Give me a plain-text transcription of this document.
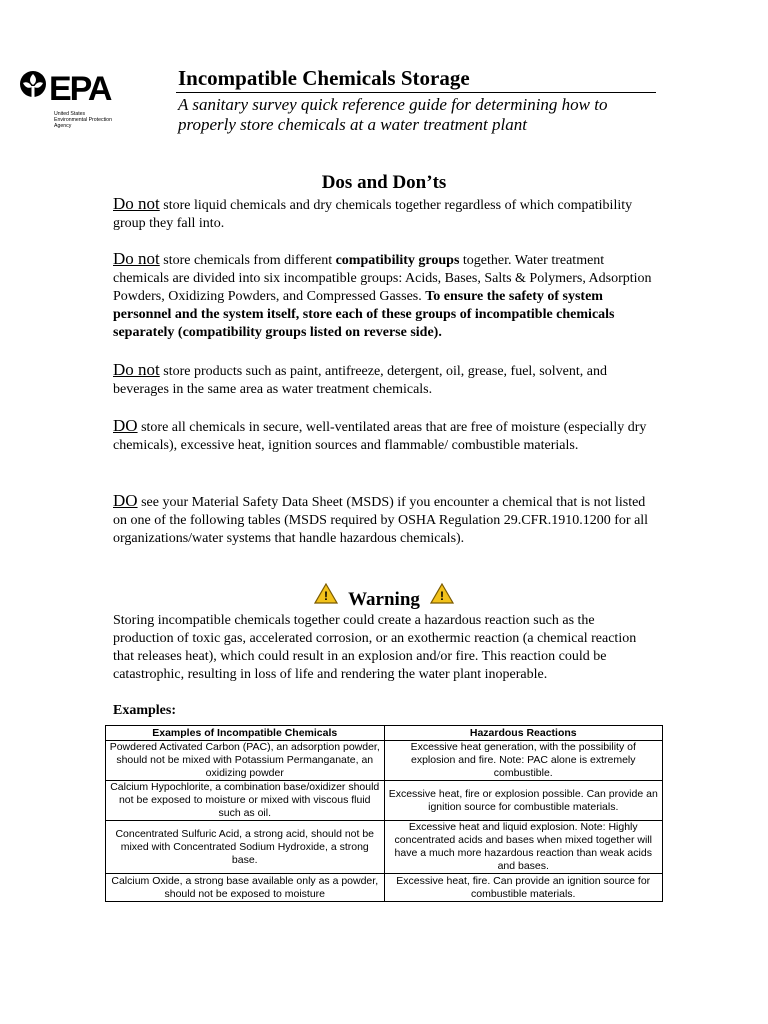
EPA
United States
Environmental Protection
Agency
Incompatible Chemicals Storage
A sanitary survey quick reference guide for determining how to properly store chemicals at a water treatment plant
Dos and Don’ts
Do not store liquid chemicals and dry chemicals together regardless of which compatibility group they fall into.
Do not store chemicals from different compatibility groups together. Water treatment chemicals are divided into six incompatible groups: Acids, Bases, Salts & Polymers, Adsorption Powders, Oxidizing Powders, and Compressed Gasses. To ensure the safety of system personnel and the system itself, store each of these groups of incompatible chemicals separately (compatibility groups listed on reverse side).
Do not store products such as paint, antifreeze, detergent, oil, grease, fuel, solvent, and beverages in the same area as water treatment chemicals.
DO store all chemicals in secure, well-ventilated areas that are free of moisture (especially dry chemicals), excessive heat, ignition sources and flammable/ combustible materials.
DO see your Material Safety Data Sheet (MSDS) if you encounter a chemical that is not listed on one of the following tables (MSDS required by OSHA Regulation 29.CFR.1910.1200 for all organizations/water systems that handle hazardous chemicals).
! Warning !
Storing incompatible chemicals together could create a hazardous reaction such as the production of toxic gas, accelerated corrosion, or an exothermic reaction (a chemical reaction that releases heat), which could result in an explosion and/or fire. This reaction could be catastrophic, resulting in loss of life and rendering the water plant inoperable.
Examples:
Examples of Incompatible Chemicals	Hazardous Reactions
Powdered Activated Carbon (PAC), an adsorption powder, should not be mixed with Potassium Permanganate, an oxidizing powder	Excessive heat generation, with the possibility of explosion and fire. Note: PAC alone is extremely combustible.
Calcium Hypochlorite, a combination base/oxidizer should not be exposed to moisture or mixed with viscous fluid such as oil.	Excessive heat, fire or explosion possible. Can provide an ignition source for combustible materials.
Concentrated Sulfuric Acid, a strong acid, should not be mixed with Concentrated Sodium Hydroxide, a strong base.	Excessive heat and liquid explosion. Note: Highly concentrated acids and bases when mixed together will have a much more hazardous reaction than weak acids and bases.
Calcium Oxide, a strong base available only as a powder, should not be exposed to moisture	Excessive heat, fire. Can provide an ignition source for combustible materials.
